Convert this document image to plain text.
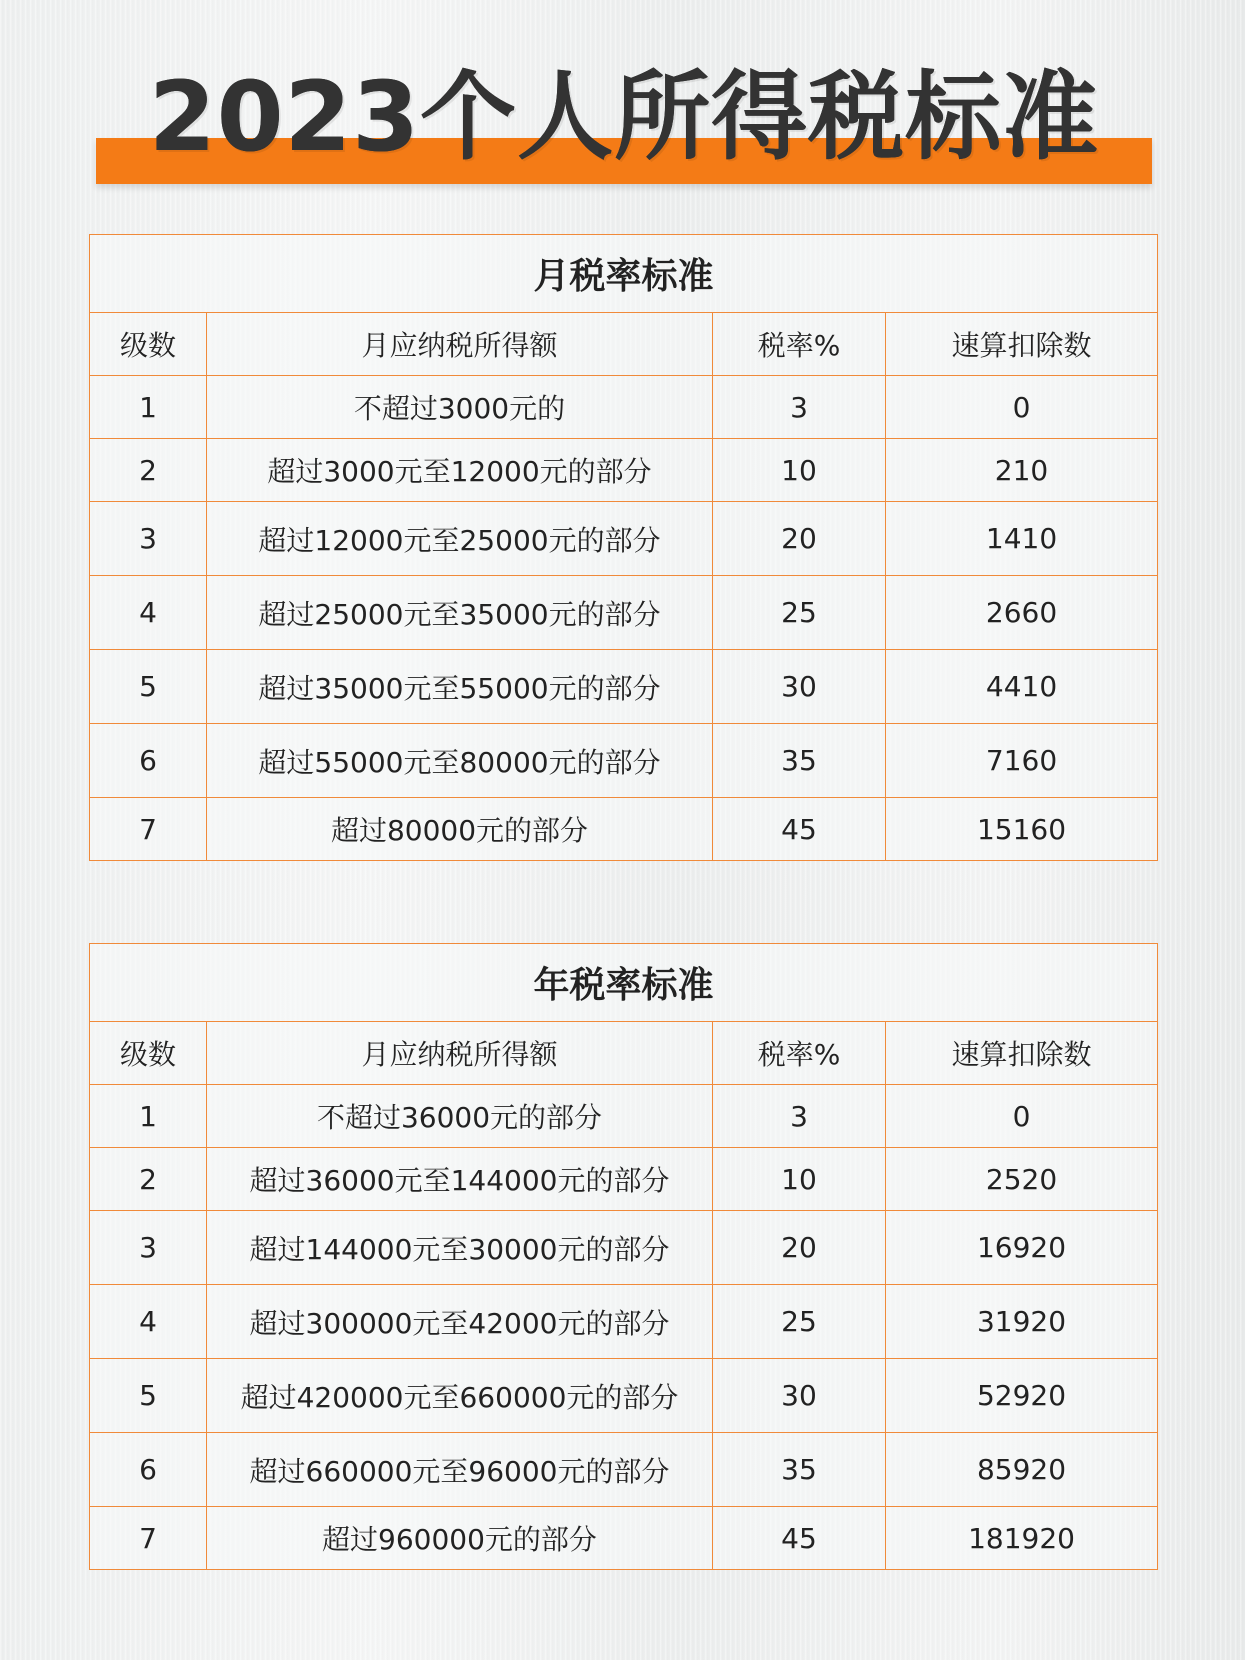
2023个人所得税标准
月税率标准			
级数	月应纳税所得额	税率%	速算扣除数
1	不超过3000元的	3	0
2	超过3000元至12000元的部分	10	210
3	超过12000元至25000元的部分	20	1410
4	超过25000元至35000元的部分	25	2660
5	超过35000元至55000元的部分	30	4410
6	超过55000元至80000元的部分	35	7160
7	超过80000元的部分	45	15160
年税率标准			
级数	月应纳税所得额	税率%	速算扣除数
1	不超过36000元的部分	3	0
2	超过36000元至144000元的部分	10	2520
3	超过144000元至30000元的部分	20	16920
4	超过300000元至42000元的部分	25	31920
5	超过420000元至660000元的部分	30	52920
6	超过660000元至96000元的部分	35	85920
7	超过960000元的部分	45	181920
